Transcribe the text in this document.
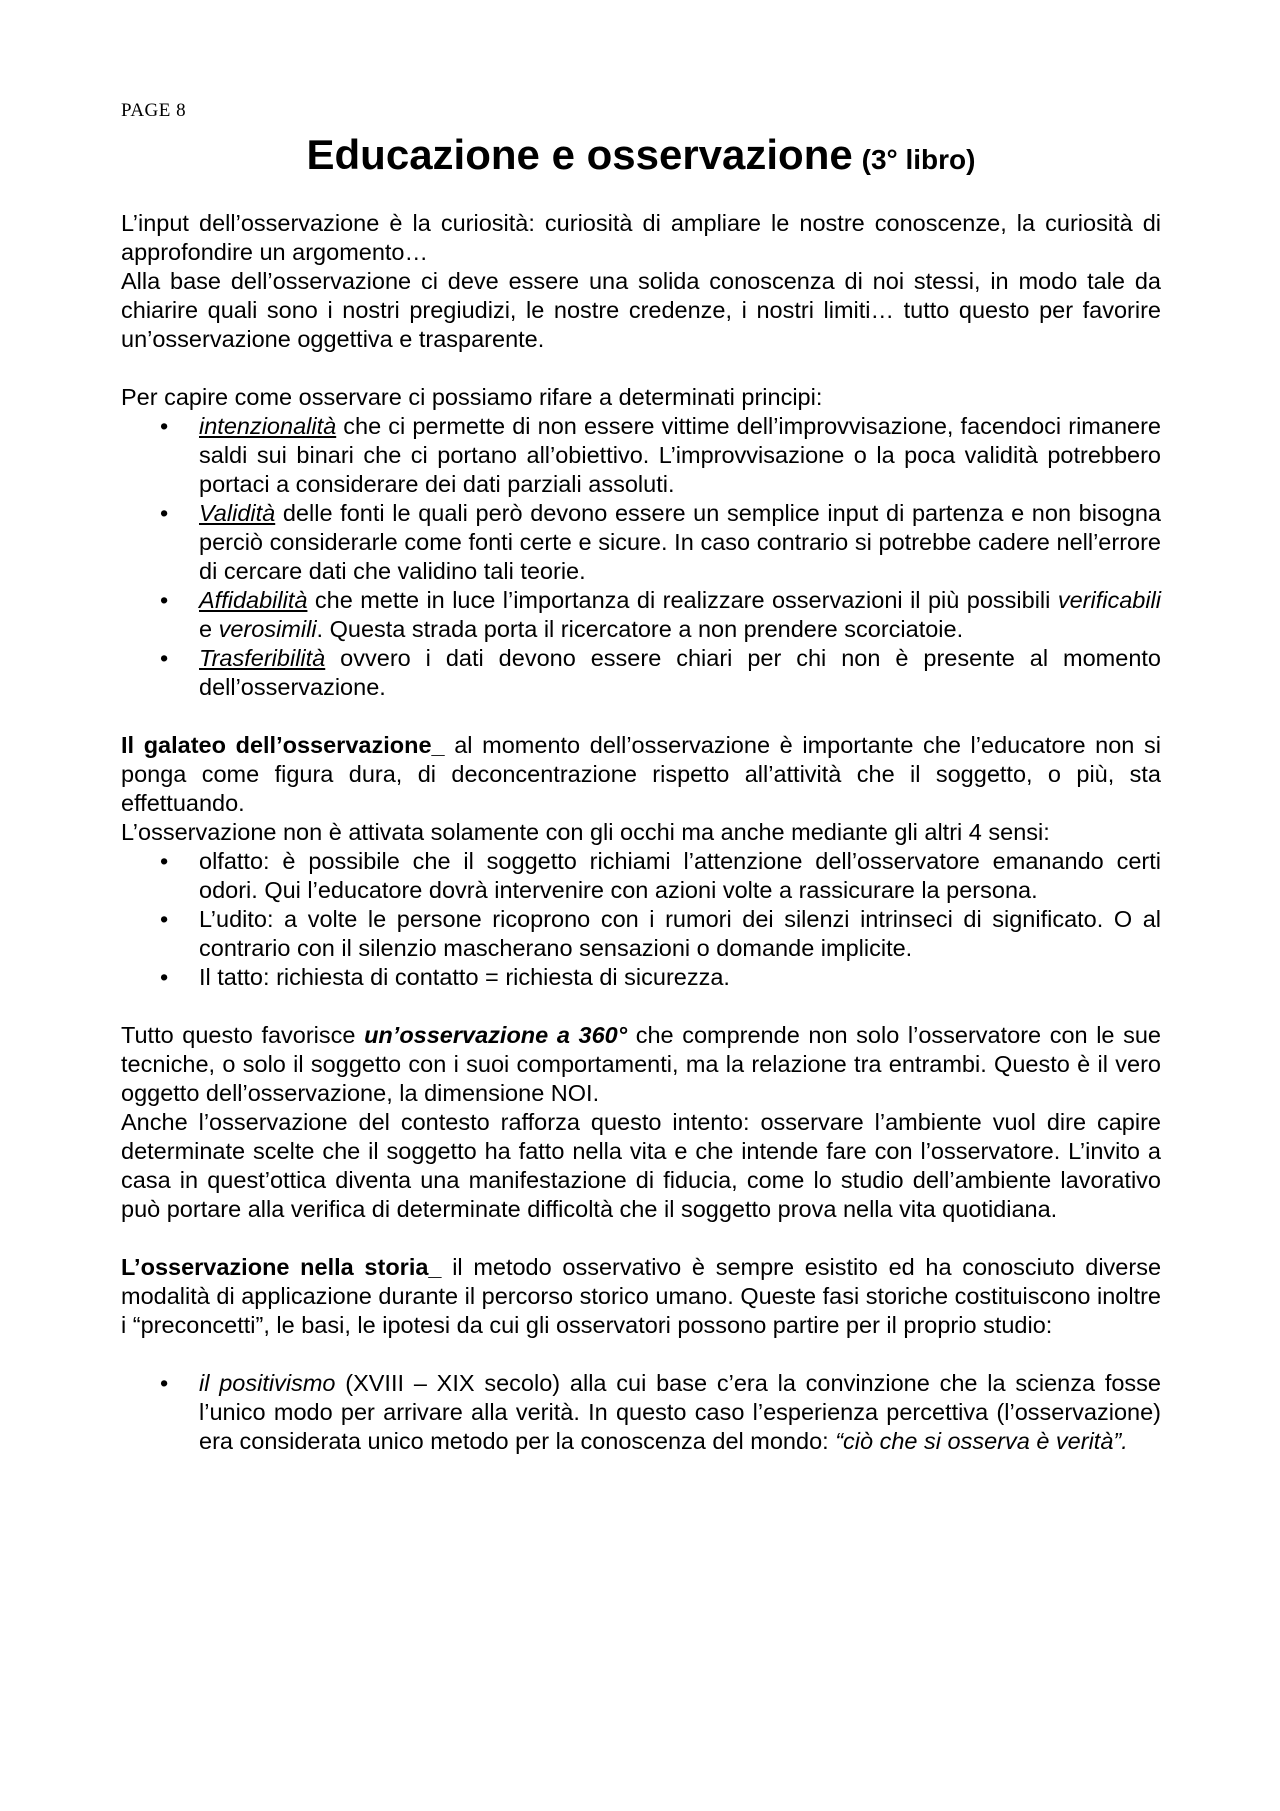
PAGE 8
Educazione e osservazione (3° libro)

L’input dell’osservazione è la curiosità: curiosità di ampliare le nostre conoscenze, la curiosità di approfondire un argomento…

Alla base dell’osservazione ci deve essere una solida conoscenza di noi stessi, in modo tale da chiarire quali sono i nostri pregiudizi, le nostre credenze, i nostri limiti… tutto questo per favorire un’osservazione oggettiva e trasparente.

Per capire come osservare ci possiamo rifare a determinati principi:

•	intenzionalità che ci permette di non essere vittime dell’improvvisazione, facendoci rimanere saldi sui binari che ci portano all’obiettivo. L’improvvisazione o la poca validità potrebbero portaci a considerare dei dati parziali assoluti.
•	Validità delle fonti le quali però devono essere un semplice input di partenza e non bisogna perciò considerarle come fonti certe e sicure. In caso contrario si potrebbe cadere nell’errore di cercare dati che validino tali teorie.
•	Affidabilità che mette in luce l’importanza di realizzare osservazioni il più possibili verificabili e verosimili. Questa strada porta il ricercatore a non prendere scorciatoie.
•	Trasferibilità ovvero i dati devono essere chiari per chi non è presente al momento dell’osservazione.

Il galateo dell’osservazione_ al momento dell’osservazione è importante che l’educatore non si ponga come figura dura, di deconcentrazione rispetto all’attività che il soggetto, o più, sta effettuando.

L’osservazione non è attivata solamente con gli occhi ma anche mediante gli altri 4 sensi:

•	olfatto: è possibile che il soggetto richiami l’attenzione dell’osservatore emanando certi odori. Qui l’educatore dovrà intervenire con azioni volte a rassicurare la persona.
•	L’udito: a volte le persone ricoprono con i rumori dei silenzi intrinseci di significato. O al contrario con il silenzio mascherano sensazioni o domande implicite.
•	Il tatto: richiesta di contatto = richiesta di sicurezza.

Tutto questo favorisce un’osservazione a 360° che comprende non solo l’osservatore con le sue tecniche, o solo il soggetto con i suoi comportamenti, ma la relazione tra entrambi. Questo è il vero oggetto dell’osservazione, la dimensione NOI.

Anche l’osservazione del contesto rafforza questo intento: osservare l’ambiente vuol dire capire determinate scelte che il soggetto ha fatto nella vita e che intende fare con l’osservatore. L’invito a casa in quest’ottica diventa una manifestazione di fiducia, come lo studio dell’ambiente lavorativo può portare alla verifica di determinate difficoltà che il soggetto prova nella vita quotidiana.

L’osservazione nella storia_ il metodo osservativo è sempre esistito ed ha conosciuto diverse modalità di applicazione durante il percorso storico umano. Queste fasi storiche costituiscono inoltre i “preconcetti”, le basi, le ipotesi da cui gli osservatori possono partire per il proprio studio:

•	il positivismo (XVIII – XIX secolo) alla cui base c’era la convinzione che la scienza fosse l’unico modo per arrivare alla verità. In questo caso l’esperienza percettiva (l’osservazione) era considerata unico metodo per la conoscenza del mondo: “ciò che si osserva è verità”.
